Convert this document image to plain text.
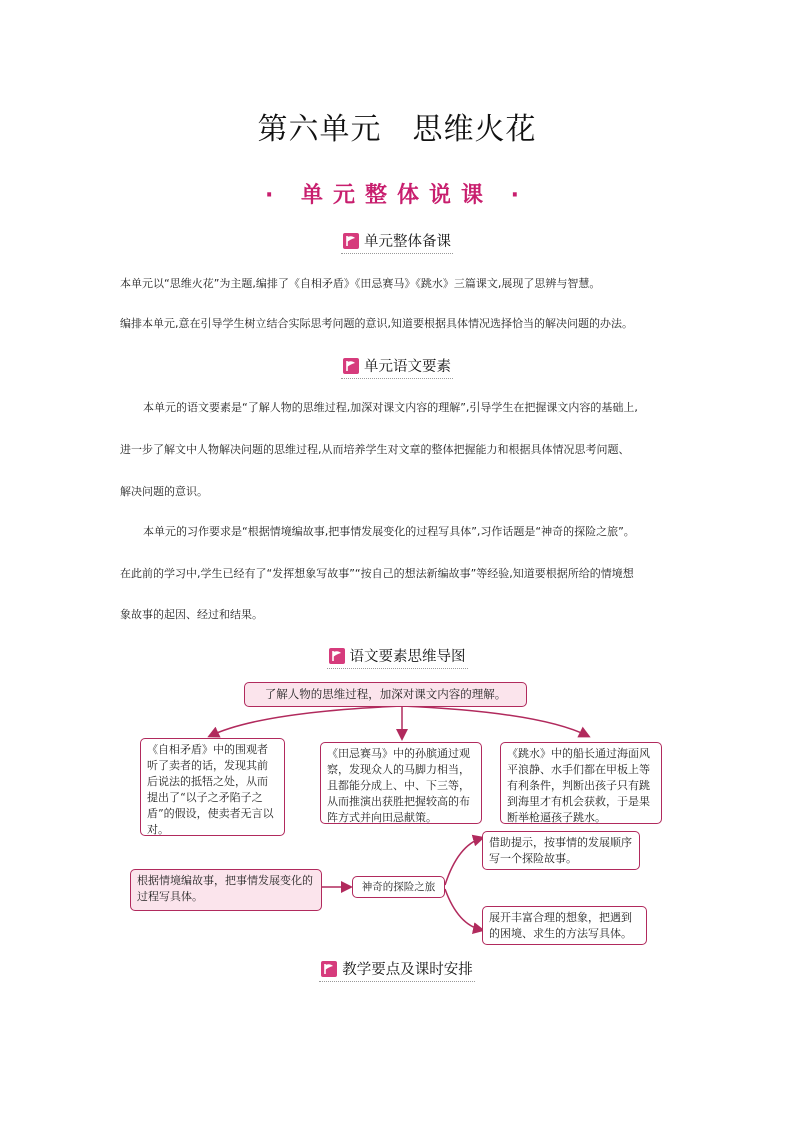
第六单元　思维火花
· 单元整体说课 ·
单元整体备课
本单元以“思维火花”为主题,编排了《自相矛盾》《田忌赛马》《跳水》三篇课文,展现了思辨与智慧。
编排本单元,意在引导学生树立结合实际思考问题的意识,知道要根据具体情况选择恰当的解决问题的办法。
单元语文要素
本单元的语文要素是“了解人物的思维过程,加深对课文内容的理解”,引导学生在把握课文内容的基础上,
进一步了解文中人物解决问题的思维过程,从而培养学生对文章的整体把握能力和根据具体情况思考问题、
解决问题的意识。
本单元的习作要求是“根据情境编故事,把事情发展变化的过程写具体”,习作话题是“神奇的探险之旅”。
在此前的学习中,学生已经有了“发挥想象写故事”“按自己的想法新编故事”等经验,知道要根据所给的情境想
象故事的起因、经过和结果。
语文要素思维导图
了解人物的思维过程，加深对课文内容的理解。
《自相矛盾》中的围观者听了卖者的话，发现其前后说法的抵牾之处，从而提出了“以子之矛陷子之盾”的假设，使卖者无言以对。
《田忌赛马》中的孙膑通过观察，发现众人的马脚力相当，且都能分成上、中、下三等，从而推演出获胜把握较高的布阵方式并向田忌献策。
《跳水》中的船长通过海面风平浪静、水手们都在甲板上等有利条件，判断出孩子只有跳到海里才有机会获救，于是果断举枪逼孩子跳水。
根据情境编故事，把事情发展变化的过程写具体。
神奇的探险之旅
借助提示，按事情的发展顺序写一个探险故事。
展开丰富合理的想象，把遇到的困境、求生的方法写具体。
教学要点及课时安排
